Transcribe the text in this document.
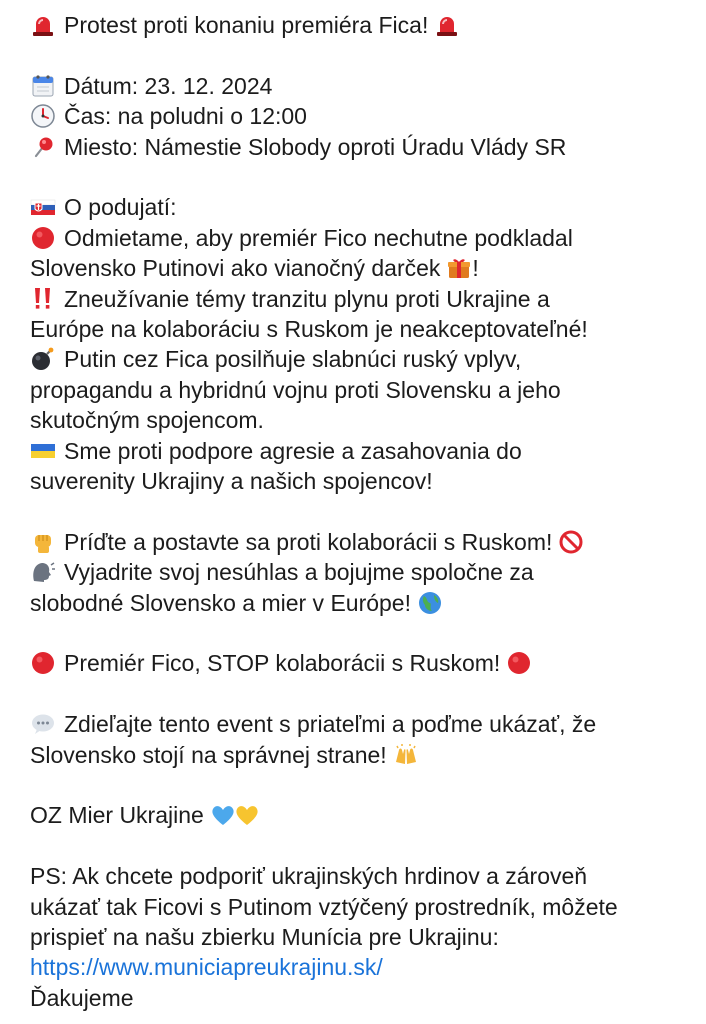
Protest proti konaniu premiéra Fica!
Dátum: 23. 12. 2024
Čas: na poludni o 12:00
Miesto: Námestie Slobody oproti Úradu Vlády SR
O podujatí:
Odmietame, aby premiér Fico nechutne podkladal
Slovensko Putinovi ako vianočný darček !
Zneužívanie témy tranzitu plynu proti Ukrajine a
Európe na kolaboráciu s Ruskom je neakceptovateľné!
Putin cez Fica posilňuje slabnúci ruský vplyv,
propagandu a hybridnú vojnu proti Slovensku a jeho
skutočným spojencom.
Sme proti podpore agresie a zasahovania do
suverenity Ukrajiny a našich spojencov!
Príďte a postavte sa proti kolaborácii s Ruskom!
Vyjadrite svoj nesúhlas a bojujme spoločne za
slobodné Slovensko a mier v Európe!
Premiér Fico, STOP kolaborácii s Ruskom!
Zdieľajte tento event s priateľmi a poďme ukázať, že
Slovensko stojí na správnej strane!
OZ Mier Ukrajine
PS: Ak chcete podporiť ukrajinských hrdinov a zároveň
ukázať tak Ficovi s Putinom vztýčený prostredník, môžete
prispieť na našu zbierku Munícia pre Ukrajinu:
https://www.municiapreukrajinu.sk/
Ďakujeme
